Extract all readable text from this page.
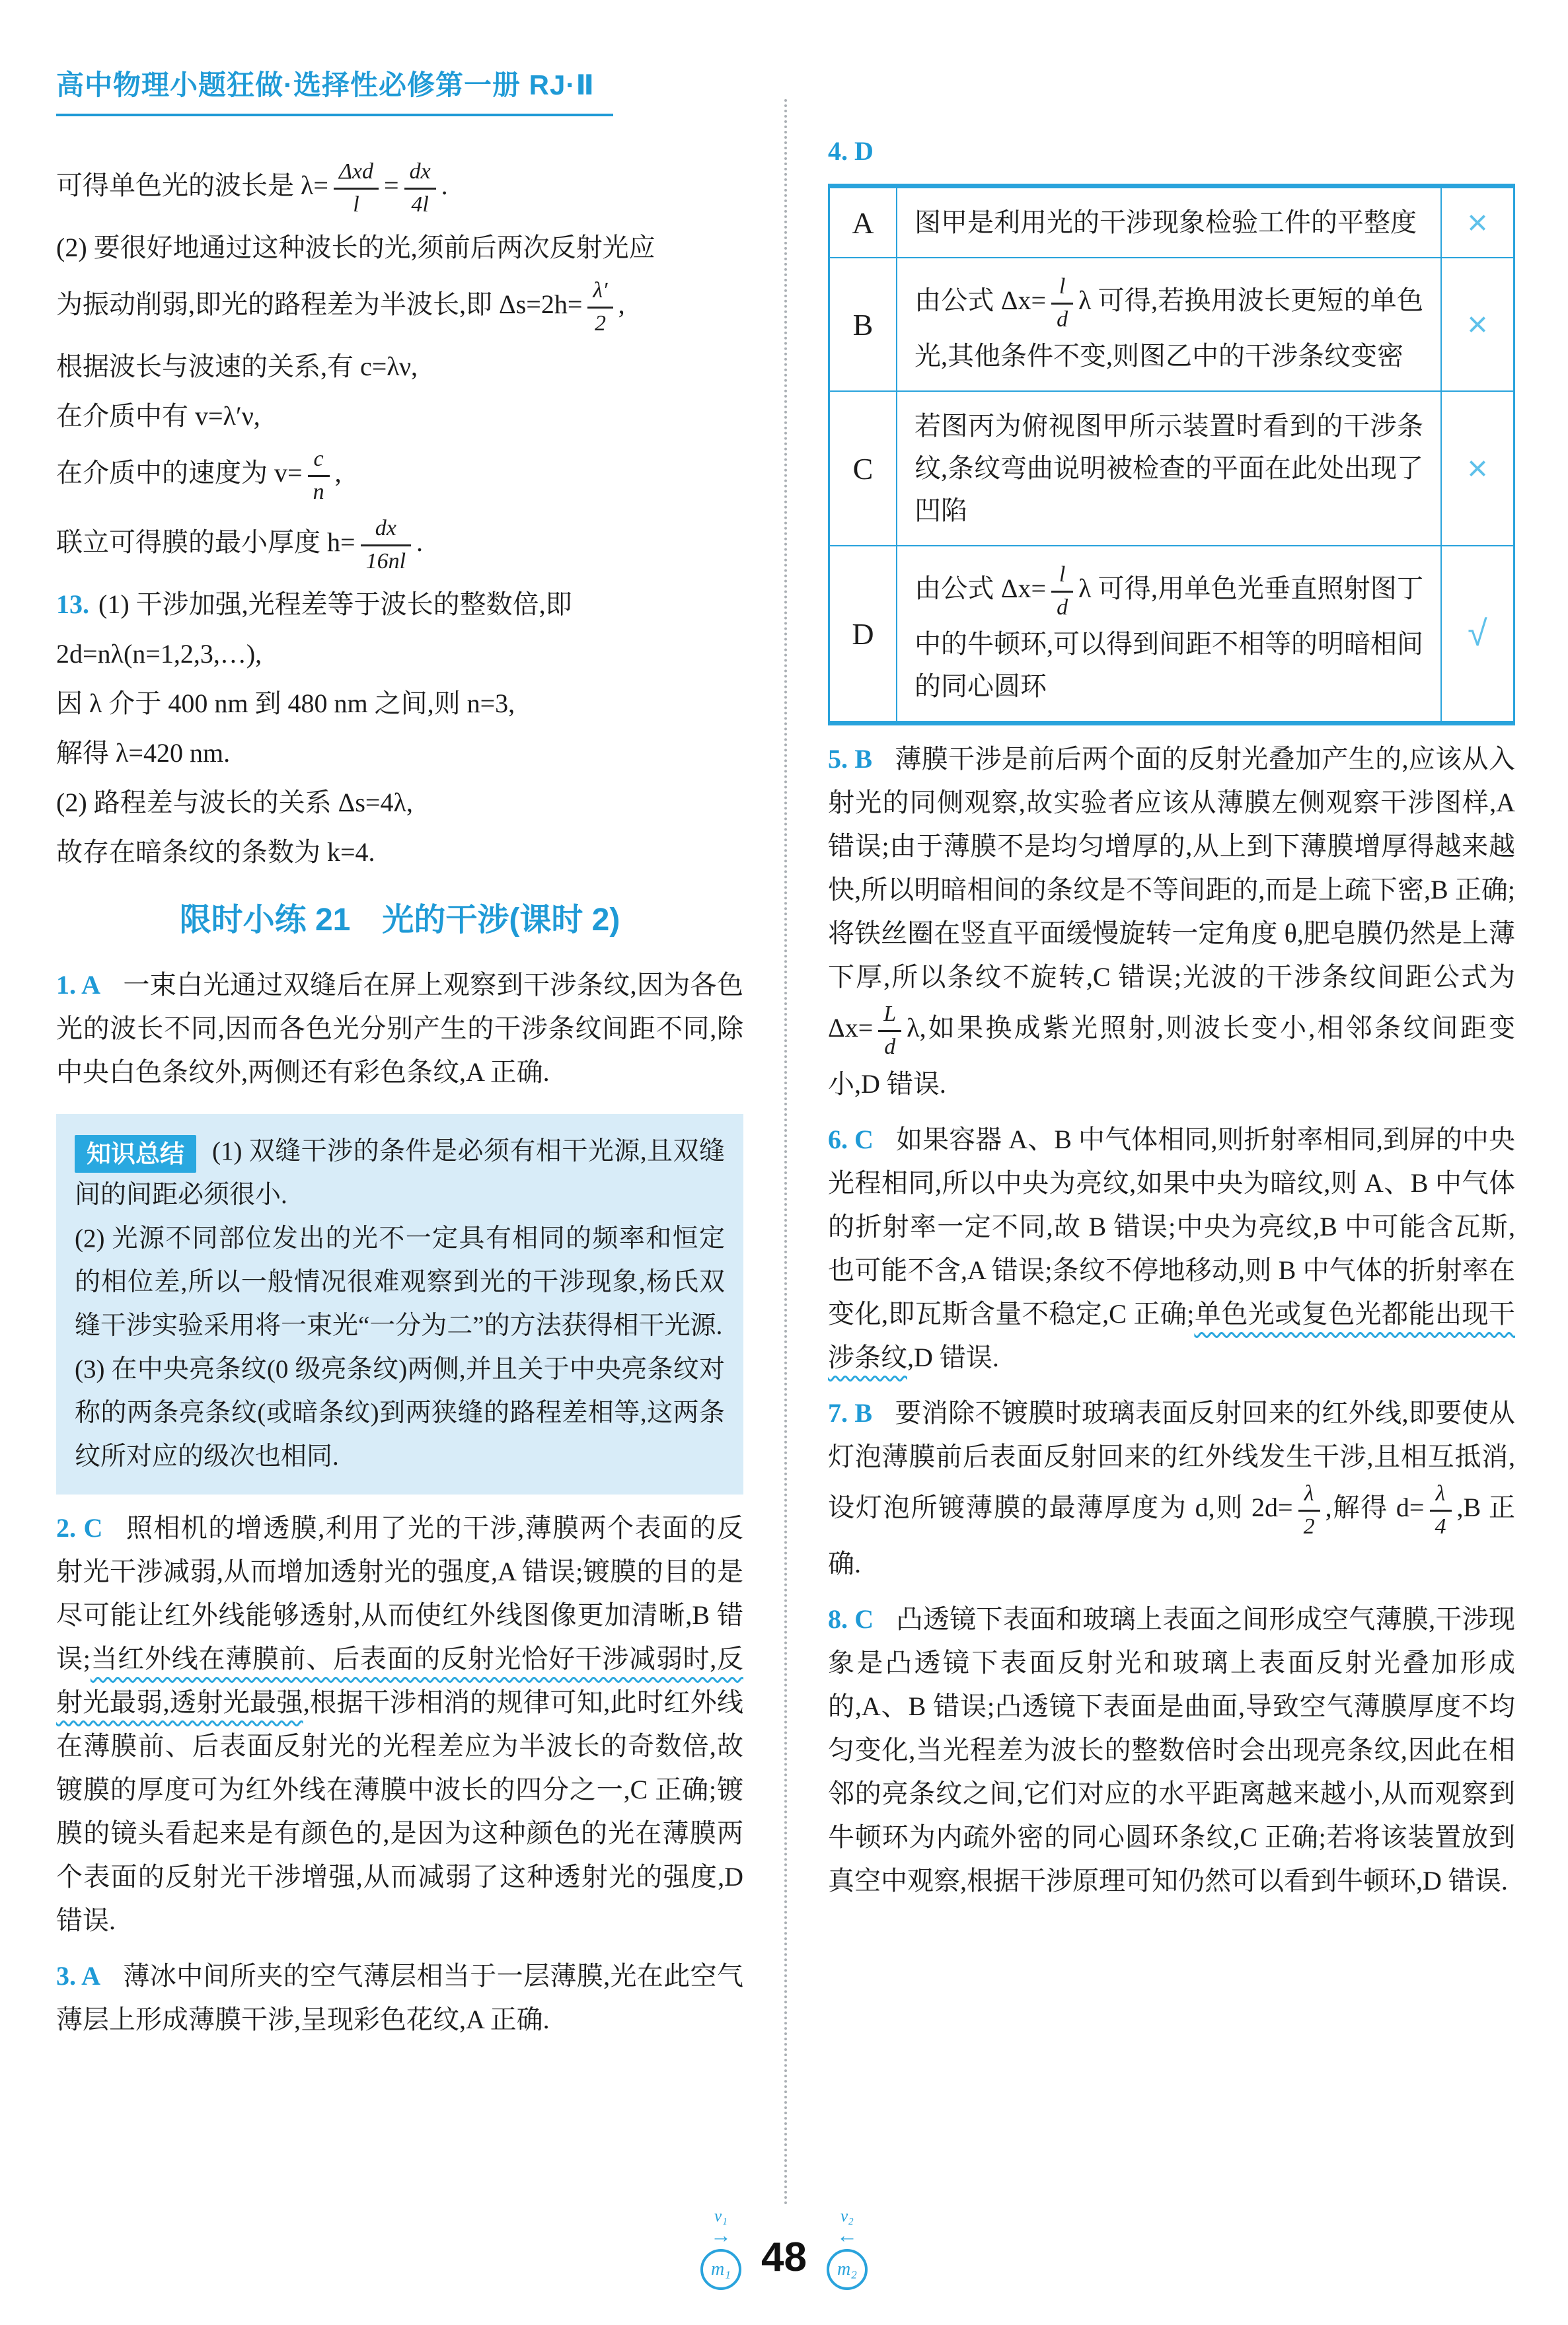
高中物理小题狂做·选择性必修第一册 RJ·Ⅱ

可得单色光的波长是 $\lambda= \frac{\text{Δxd}}{l} = \frac{dx}{4l}$ .

(2) 要很好地通过这种波长的光,须前后两次反射光应

为振动削弱,即光的路程差为半波长,即 $\Delta s=2h= \frac{\lambda'}{2}$ ,

根据波长与波速的关系,有 c=λν,

在介质中有 v=λ′ν,

在介质中的速度为 $v= \frac{c}{n}$ ,

联立可得膜的最小厚度 $h= \frac{dx}{16nl}$ .

13. (1) 干涉加强,光程差等于波长的整数倍,即

2d=nλ(n=1,2,3,…),

因 λ 介于 400 nm 到 480 nm 之间,则 n=3,

解得 λ=420 nm.

(2) 路程差与波长的关系 Δs=4λ,

故存在暗条纹的条数为 k=4.

限时小练 21　光的干涉(课时 2)

1. A 一束白光通过双缝后在屏上观察到干涉条纹,因为各色光的波长不同,因而各色光分别产生的干涉条纹间距不同,除中央白色条纹外,两侧还有彩色条纹,A 正确.

知识总结 (1) 双缝干涉的条件是必须有相干光源,且双缝间的间距必须很小.

(2) 光源不同部位发出的光不一定具有相同的频率和恒定的相位差,所以一般情况很难观察到光的干涉现象,杨氏双缝干涉实验采用将一束光“一分为二”的方法获得相干光源.

(3) 在中央亮条纹(0 级亮条纹)两侧,并且关于中央亮条纹对称的两条亮条纹(或暗条纹)到两狭缝的路程差相等,这两条纹所对应的级次也相同.

2. C 照相机的增透膜,利用了光的干涉,薄膜两个表面的反射光干涉减弱,从而增加透射光的强度,A 错误;镀膜的目的是尽可能让红外线能够透射,从而使红外线图像更加清晰,B 错误;当红外线在薄膜前、后表面的反射光恰好干涉减弱时,反射光最弱,透射光最强,根据干涉相消的规律可知,此时红外线在薄膜前、后表面反射光的光程差应为半波长的奇数倍,故镀膜的厚度可为红外线在薄膜中波长的四分之一,C 正确;镀膜的镜头看起来是有颜色的,是因为这种颜色的光在薄膜两个表面的反射光干涉增强,从而减弱了这种透射光的强度,D 错误.

3. A 薄冰中间所夹的空气薄层相当于一层薄膜,光在此空气薄层上形成薄膜干涉,呈现彩色花纹,A 正确.

4. D

A	图甲是利用光的干涉现象检验工件的平整度	×
B
由公式 $\Delta x= \frac{l}{d}$ λ 可得,若换用波长更短的单色光,其他条件不变,则图乙中的干涉条纹变密
×
C
若图丙为俯视图甲所示装置时看到的干涉条纹,条纹弯曲说明被检查的平面在此处出现了凹陷
×
D
由公式 $\Delta x= \frac{l}{d}$ λ 可得,用单色光垂直照射图丁中的牛顿环,可以得到间距不相等的明暗相间的同心圆环
√

5. B 薄膜干涉是前后两个面的反射光叠加产生的,应该从入射光的同侧观察,故实验者应该从薄膜左侧观察干涉图样,A 错误;由于薄膜不是均匀增厚的,从上到下薄膜增厚得越来越快,所以明暗相间的条纹是不等间距的,而是上疏下密,B 正确;将铁丝圈在竖直平面缓慢旋转一定角度 θ,肥皂膜仍然是上薄下厚,所以条纹不旋转,C 错误;光波的干涉条纹间距公式为 $\Delta x= \frac{L}{d} \lambda$,如果换成紫光照射,则波长变小,相邻条纹间距变小,D 错误.

6. C 如果容器 A、B 中气体相同,则折射率相同,到屏的中央光程相同,所以中央为亮纹,如果中央为暗纹,则 A、B 中气体的折射率一定不同,故 B 错误;中央为亮纹,B 中可能含瓦斯,也可能不含,A 错误;条纹不停地移动,则 B 中气体的折射率在变化,即瓦斯含量不稳定,C 正确;单色光或复色光都能出现干涉条纹,D 错误.

7. B 要消除不镀膜时玻璃表面反射回来的红外线,即要使从灯泡薄膜前后表面反射回来的红外线发生干涉,且相互抵消,设灯泡所镀薄膜的最薄厚度为 d,则 $2d= \frac{\lambda}{2}$ ,解得 $d= \frac{\lambda}{4} ,B$ 正确.

8. C 凸透镜下表面和玻璃上表面之间形成空气薄膜,干涉现象是凸透镜下表面反射光和玻璃上表面反射光叠加形成的,A、B 错误;凸透镜下表面是曲面,导致空气薄膜厚度不均匀变化,当光程差为波长的整数倍时会出现亮条纹,因此在相邻的亮条纹之间,它们对应的水平距离越来越小,从而观察到牛顿环为内疏外密的同心圆环条纹,C 正确;若将该装置放到真空中观察,根据干涉原理可知仍然可以看到牛顿环,D 错误.

v₁
→
m₁ 48
v₂
←
m₂
